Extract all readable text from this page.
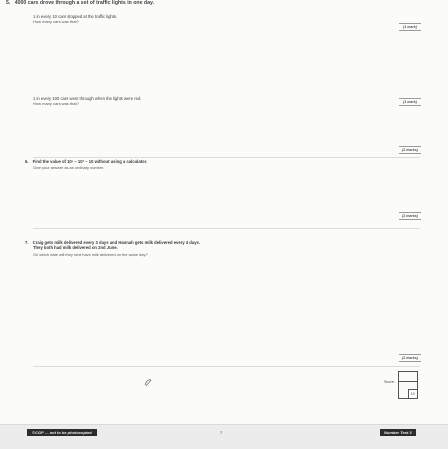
5. 4000 cars drove through a set of traffic lights in one day.
1 in every 10 cars stopped at the traffic lights.
How many cars was that?
(1 mark)
1 in every 100 cars went through when the lights were red.
How many cars was that?	(1 mark)
(2 marks)
6. Find the value of 10³ − 10² − 10 without using a calculator.
Give your answer as an ordinary number.
(2 marks)
7. Craig gets milk delivered every 3 days and Hannah gets milk delivered every 4 days.
They both had milk delivered on 2nd June.
On which date will they next have milk delivered on the same day?
(2 marks)
Score:
10
©CGP — not to be photocopied	7	Number Test 3
